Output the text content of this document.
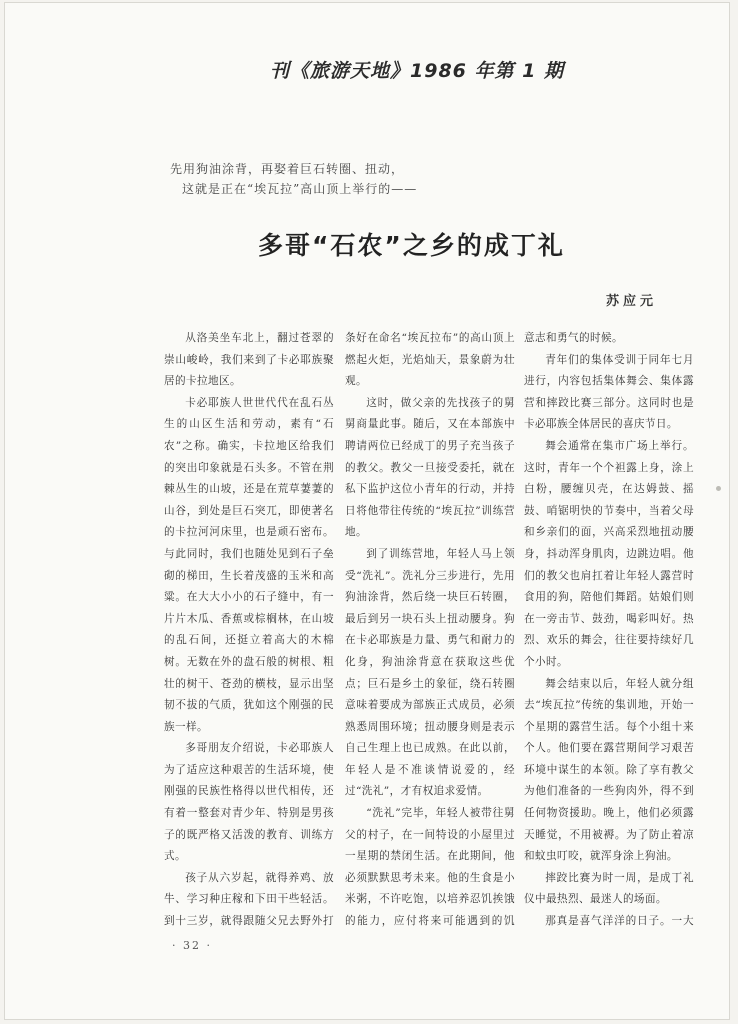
刊《旅游天地》1986 年第 1 期
先用狗油涂背，再娶着巨石转圈、扭动，
这就是正在“埃瓦拉”高山顶上举行的——
多哥“石农”之乡的成丁礼
苏应元

从洛美坐车北上，翻过苍翠的崇山峻岭，我们来到了卡必耶族聚居的卡拉地区。

卡必耶族人世世代代在乱石丛生的山区生活和劳动，素有“石农”之称。确实，卡拉地区给我们的突出印象就是石头多。不管在荆棘丛生的山坡，还是在荒草萋萋的山谷，到处是巨石突兀，即使著名的卡拉河河床里，也是顽石密布。与此同时，我们也随处见到石子垒砌的梯田，生长着茂盛的玉米和高粱。在大大小小的石子缝中，有一片片木瓜、香蕉或棕榈林，在山坡的乱石间，还挺立着高大的木棉树。无数在外的盘石般的树根、粗壮的树干、苍劲的横枝，显示出坚韧不拔的气质，犹如这个刚强的民族一样。

多哥朋友介绍说，卡必耶族人为了适应这种艰苦的生活环境，使刚强的民族性格得以世代相传，还有着一整套对青少年、特别是男孩子的既严格又活泼的教育、训练方式。

孩子从六岁起，就得养鸡、放牛、学习种庄稼和下田干些轻活。到十三岁，就得跟随父兄去野外打

条好在命名“埃瓦拉布”的高山顶上燃起火炬，光焰灿天，景象蔚为壮观。

这时，做父亲的先找孩子的舅舅商量此事。随后，又在本部族中聘请两位已经成丁的男子充当孩子的教父。教父一旦接受委托，就在私下监护这位小青年的行动，并持日将他带往传统的“埃瓦拉”训练营地。

到了训练营地，年轻人马上领受“洗礼”。洗礼分三步进行，先用狗油涂背，然后绕一块巨石转圈，最后到另一块石头上扭动腰身。狗在卡必耶族是力量、勇气和耐力的化身，狗油涂背意在获取这些优点；巨石是乡土的象征，绕石转圈意味着要成为部族正式成员，必须熟悉周围环境；扭动腰身则是表示自己生理上也已成熟。在此以前，年轻人是不准谈情说爱的，经过“洗礼”，才有权追求爱情。

“洗礼”完毕，年轻人被带往舅父的村子，在一间特设的小屋里过一星期的禁闭生活。在此期间，他必须默默思考未来。他的生食是小米粥，不许吃饱，以培养忍饥挨饿的能力，应付将来可能遇到的饥

意志和勇气的时候。

青年们的集体受训于同年七月进行，内容包括集体舞会、集体露营和摔跤比赛三部分。这同时也是卡必耶族全体居民的喜庆节日。

舞会通常在集市广场上举行。这时，青年一个个袒露上身，涂上白粉，腰缠贝壳，在达姆鼓、摇鼓、哨锯明快的节奏中，当着父母和乡亲们的面，兴高采烈地扭动腰身，抖动浑身肌肉，边跳边唱。他们的教父也肩扛着让年轻人露营时食用的狗，陪他们舞蹈。姑娘们则在一旁击节、鼓劲，喝彩叫好。热烈、欢乐的舞会，往往要持续好几个小时。

舞会结束以后，年轻人就分组去“埃瓦拉”传统的集训地，开始一个星期的露营生活。每个小组十来个人。他们要在露营期间学习艰苦环境中谋生的本领。除了享有教父为他们准备的一些狗肉外，得不到任何物资援助。晚上，他们必须露天睡觉，不用被褥。为了防止着凉和蚊虫叮咬，就浑身涂上狗油。

摔跤比赛为时一周，是成丁礼仪中最热烈、最迷人的场面。

那真是喜气洋洋的日子。一大

· 32 ·
